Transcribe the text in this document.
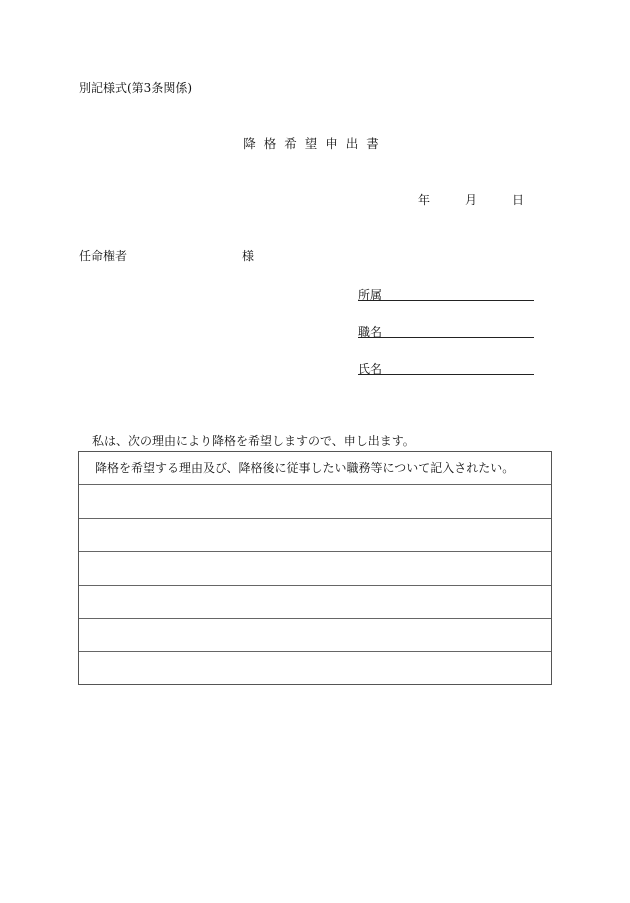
別記様式(第3条関係)
降格希望申出書
年	月	日
任命権者	様
所属
職名
氏名
私は、次の理由により降格を希望しますので、申し出ます。
降格を希望する理由及び、降格後に従事したい職務等について記入されたい。
